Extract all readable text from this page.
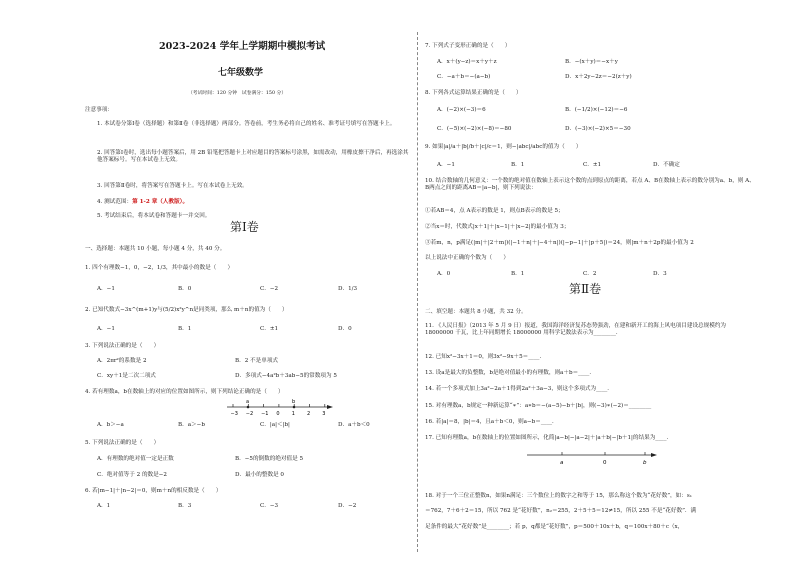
2023-2024 学年上学期期中模拟考试
七年级数学
（考试时间：120 分钟　试卷满分：150 分）
注意事项：
1. 本试卷分第Ⅰ卷（选择题）和第Ⅱ卷（非选择题）两部分。答卷前，考生务必将自己的姓名、准考证号填写在答题卡上。
2. 回答第Ⅰ卷时，选出每小题答案后，用 2B 铅笔把答题卡上对应题目的答案标号涂黑，如需改动，用橡皮擦干净后，再选涂其他答案标号。写在本试卷上无效。
3. 回答第Ⅱ卷时，将答案写在答题卡上。写在本试卷上无效。
4. 测试范围：第 1-2 章（人教版）。
5. 考试结束后，将本试卷和答题卡一并交回。
第Ⅰ卷
一、选择题：本题共 10 小题，每小题 4 分，共 40 分。
1. 四个有理数−1，0，−2，1/3，其中最小的数是（　　）
A．−1	B．0	C．−2	D．1/3
2. 已知代数式−3x^(m+1)y与(5/2)x²y^n是同类项，那么 m＋n的值为（　　）
A．−1	B．1	C．±1	D．0
3. 下列说法正确的是（　　）
A．2πr²的系数是 2	B．2 不是单项式
C．xy＋1是二次二项式	D．多项式−4a²b＋3ab−5的常数项为 5
4. 若有理数a，b在数轴上的对应的位置如图所示，则下列结论正确的是（　　）
−3 −2 −1 0 1 2 3
a	b
A．b＞−a	B．a＞−b	C．|a|＜|b|	D．a＋b＜0
5. 下列说法正确的是（　　）
A．有理数的绝对值一定是正数	B．−5的倒数的绝对值是 5
C．绝对值等于 2 的数是−2	D．最小的整数是 0
6. 若|m−1|＋|n−2|＝0，则m＋n的相反数是（　　）
A．1	B．3	C．−3	D．−2
7. 下列式子变形正确的是（　　）
A．x＋(y−z)＝x＋y＋z	B．−(x＋y)＝−x＋y
C．−a＋b＝−(a−b)	D．x＋2y−2z＝−2(z＋y)
8. 下列各式运算结果正确的是（　　）
A．(−2)×(−3)＝6	B．(−1/2)×(−12)＝−6
C．(−5)×(−2)×(−8)＝−80	D．(−3)×(−2)×5＝−30
9. 如果|a|/a＋|b|/b＋|c|/c＝1，则−|abc|/abc的值为（　　）
A．−1	B．1	C．±1	D．不确定
10. 结合数轴的几何意义：一个数的绝对值在数轴上表示这个数的点到原点的距离，若点 A、B在数轴上表示的数分别为a、b，则 A、B两点之间的距离AB＝|a−b|，则下列说法：
①若AB＝4，点 A表示的数是 1，则点B表示的数是 5；
②当x＝时，代数式|x＋1|＋|x−1|＋|x−2|的最小值为 3；
③若m，n，p满足(|m|＋|2＋m|)(|−1＋n|＋|−4＋n|)(|−p−1|＋|p＋5|)＝24，则|m＋n＋2p的最小值为 2
以上说法中正确的个数为（　　）
A．0	B．1	C．2	D．3
第Ⅱ卷
二、填空题：本题共 8 小题，共 32 分。
11. 《人民日报》（2013 年 5 月 9 日）报道，我国海洋经济复苏态势强劲，在建和新开工的海上风电项目建设总规模约为 18000000 千瓦，比上年同期增长 18000000 用科学记数法表示为________．
12. 已知x²−3x＋1＝0，则3x²−9x＋5＝____．
13. 设a是最大的负整数，b是绝对值最小的有理数，则a＋b＝____．
14. 若一个多项式加上3a²−2a＋1得到2a²＋3a−3，则这个多项式为____．
15. 对有理数a，b规定一种新运算“∗”：a∗b＝−(a−5)−b＋|b|，则(−3)∗(−2)＝________
16. 若|a|＝8，|b|＝4，且a＋b＜0，则a−b＝____．
17. 已知有理数a，b在数轴上的位置如图所示，化简|a−b|−|a−2|＋|a＋b|−|b＋1|的结果为____．
a	0	b
18. 对于一个三位正整数n，如果n满足：三个数位上的数字之和等于 15，那么称这个数为“花好数”，如：s₁
＝762，7＋6＋2＝15，所以 762 是“花好数”，n₂＝255，2＋5＋5＝12≠15，所以 255 不是“花好数”．满
足条件的最大“花好数”是________；若 p，q都是“花好数”，p＝500＋10x＋b，q＝100x＋80＋c（x，
